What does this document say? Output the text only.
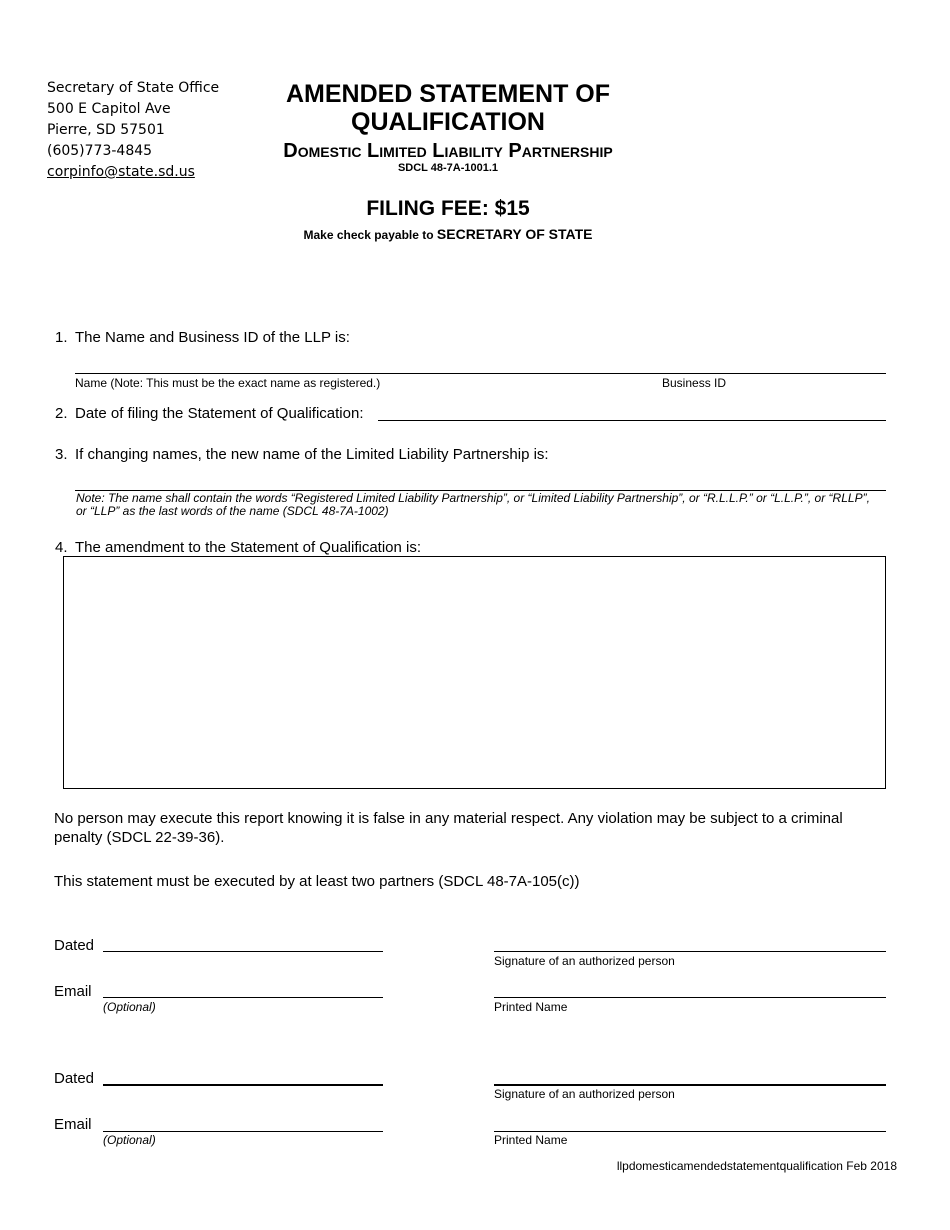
Secretary of State Office
500 E Capitol Ave
Pierre, SD 57501
(605)773-4845
corpinfo@state.sd.us
AMENDED STATEMENT OF
QUALIFICATION
Domestic Limited Liability Partnership
SDCL 48-7A-1001.1
FILING FEE: $15
Make check payable to SECRETARY OF STATE
1. The Name and Business ID of the LLP is:
Name (Note: This must be the exact name as registered.)	Business ID
2. Date of filing the Statement of Qualification:
3. If changing names, the new name of the Limited Liability Partnership is:
Note: The name shall contain the words “Registered Limited Liability Partnership”, or “Limited Liability Partnership”, or “R.L.L.P.” or “L.L.P.”, or “RLLP”, or “LLP” as the last words of the name (SDCL 48-7A-1002)
4. The amendment to the Statement of Qualification is:
No person may execute this report knowing it is false in any material respect. Any violation may be subject to a criminal penalty (SDCL 22-39-36).
This statement must be executed by at least two partners (SDCL 48-7A-105(c))
Dated
Signature of an authorized person
Email
(Optional)	Printed Name
Dated
Signature of an authorized person
Email
(Optional)	Printed Name
llpdomesticamendedstatementqualification Feb 2018
